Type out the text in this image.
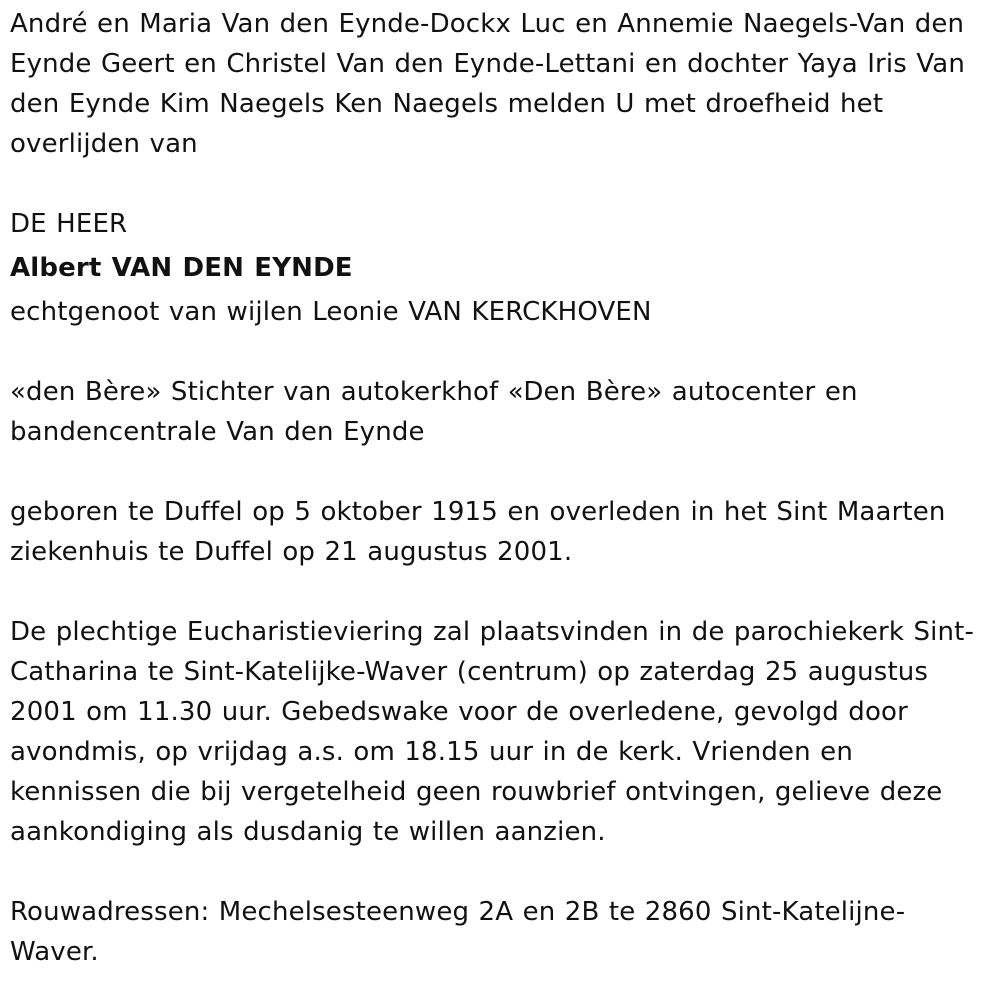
André en Maria Van den Eynde-Dockx Luc en Annemie Naegels-Van den Eynde Geert en Christel Van den Eynde-Lettani en dochter Yaya Iris Van den Eynde Kim Naegels Ken Naegels melden U met droefheid het overlijden van

DE HEER

Albert VAN DEN EYNDE

echtgenoot van wijlen Leonie VAN KERCKHOVEN

«den Bère» Stichter van autokerkhof «Den Bère» autocenter en bandencentrale Van den Eynde

geboren te Duffel op 5 oktober 1915 en overleden in het Sint Maarten ziekenhuis te Duffel op 21 augustus 2001.

De plechtige Eucharistieviering zal plaatsvinden in de parochiekerk Sint-Catharina te Sint-Katelijke-Waver (centrum) op zaterdag 25 augustus 2001 om 11.30 uur. Gebedswake voor de overledene, gevolgd door avondmis, op vrijdag a.s. om 18.15 uur in de kerk. Vrienden en kennissen die bij vergetelheid geen rouwbrief ontvingen, gelieve deze aankondiging als dusdanig te willen aanzien.

Rouwadressen: Mechelsesteenweg 2A en 2B te 2860 Sint-Katelijne-Waver.
